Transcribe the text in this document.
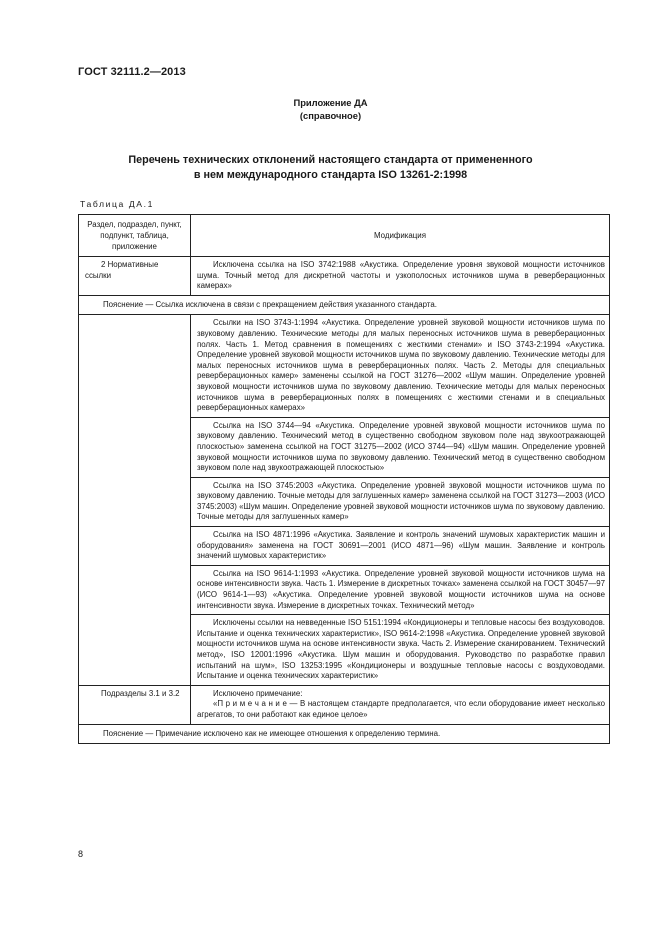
ГОСТ 32111.2—2013
Приложение ДА
(справочное)
Перечень технических отклонений настоящего стандарта от примененного
в нем международного стандарта ISO 13261-2:1998
Таблица ДА.1
Раздел, подраздел, пункт, подпункт, таблица, приложение	Модификация

2 Нормативные ссылки	Исключена ссылка на ISO 3742:1988 «Акустика. Определение уровня звуковой мощности источников шума. Точный метод для дискретной частоты и узкополосных источников шума в реверберационных камерах»

Пояснение — Ссылка исключена в связи с прекращением действия указанного стандарта.	

	Ссылки на ISO 3743-1:1994 «Акустика. Определение уровней звуковой мощности источников шума по звуковому давлению. Технические методы для малых переносных источников шума в реверберационных полях. Часть 1. Метод сравнения в помещениях с жесткими стенами» и ISO 3743-2:1994 «Акустика. Определение уровней звуковой мощности источников шума по звуковому давлению. Технические методы для малых переносных источников шума в реверберационных полях. Часть 2. Методы для специальных реверберационных камер» заменены ссылкой на ГОСТ 31276—2002 «Шум машин. Определение уровней звуковой мощности источников шума по звуковому давлению. Технические методы для малых переносных источников шума в реверберационных полях в помещениях с жесткими стенами и в специальных реверберационных камерах»

	Ссылка на ISO 3744—94 «Акустика. Определение уровней звуковой мощности источников шума по звуковому давлению. Технический метод в существенно свободном звуковом поле над звукоотражающей плоскостью» заменена ссылкой на ГОСТ 31275—2002 (ИСО 3744—94) «Шум машин. Определение уровней звуковой мощности источников шума по звуковому давлению. Технический метод в существенно свободном звуковом поле над звукоотражающей плоскостью»

	Ссылка на ISO 3745:2003 «Акустика. Определение уровней звуковой мощности источников шума по звуковому давлению. Точные методы для заглушенных камер» заменена ссылкой на ГОСТ 31273—2003 (ИСО 3745:2003) «Шум машин. Определение уровней звуковой мощности источников шума по звуковому давлению. Точные методы для заглушенных камер»

	Ссылка на ISO 4871:1996 «Акустика. Заявление и контроль значений шумовых характеристик машин и оборудования» заменена на ГОСТ 30691—2001 (ИСО 4871—96) «Шум машин. Заявление и контроль значений шумовых характеристик»

	Ссылка на ISO 9614-1:1993 «Акустика. Определение уровней звуковой мощности источников шума на основе интенсивности звука. Часть 1. Измерение в дискретных точках» заменена ссылкой на ГОСТ 30457—97 (ИСО 9614-1—93) «Акустика. Определение уровней звуковой мощности источников шума на основе интенсивности звука. Измерение в дискретных точках. Технический метод»

	Исключены ссылки на невведенные ISO 5151:1994 «Кондиционеры и тепловые насосы без воздуховодов. Испытание и оценка технических характеристик», ISO 9614-2:1998 «Акустика. Определение уровней звуковой мощности источников шума на основе интенсивности звука. Часть 2. Измерение сканированием. Технический метод», ISO 12001:1996 «Акустика. Шум машин и оборудования. Руководство по разработке правил испытаний на шум», ISO 13253:1995 «Кондиционеры и воздушные тепловые насосы с воздуховодами. Испытание и оценка технических характеристик»

Подразделы 3.1 и 3.2	Исключено примечание:
«П р и м е ч а н и е — В настоящем стандарте предполагается, что если оборудование имеет несколько агрегатов, то они работают как единое целое»

Пояснение — Примечание исключено как не имеющее отношения к определению термина.	
8
